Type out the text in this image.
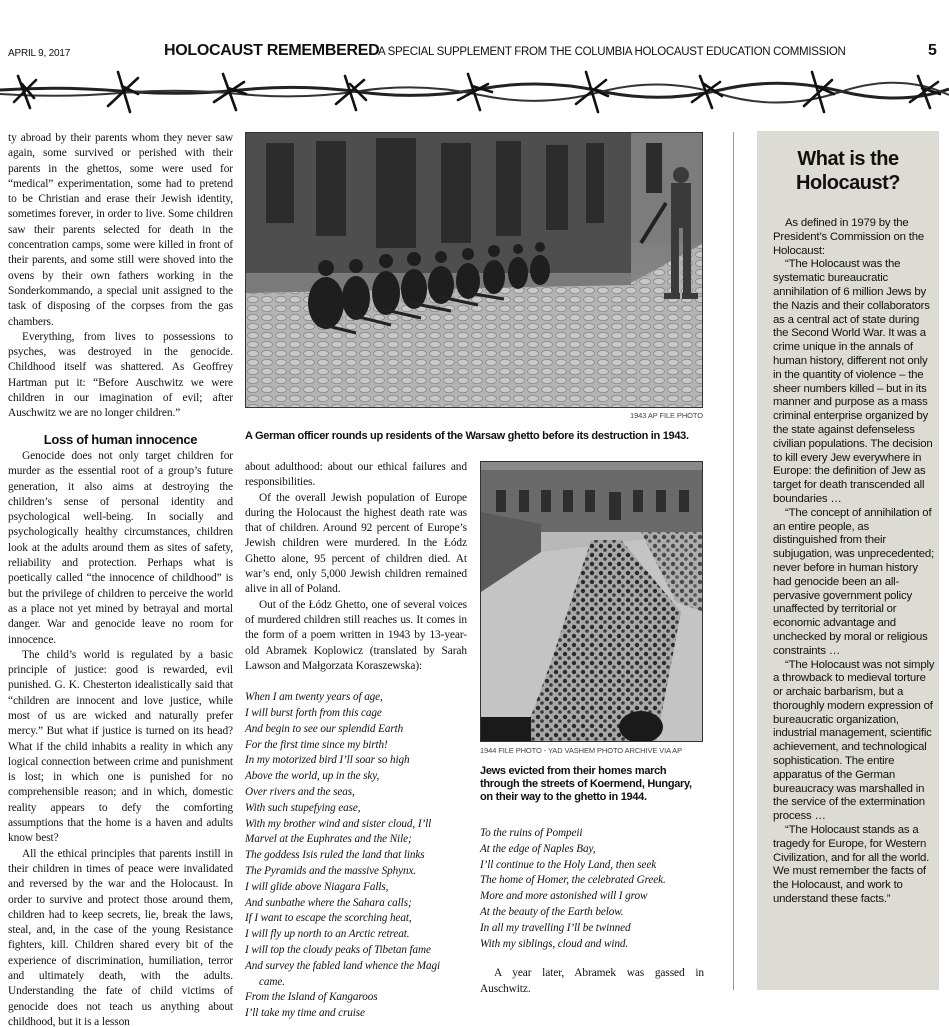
APRIL 9, 2017	HOLOCAUST REMEMBERED
A SPECIAL SUPPLEMENT FROM THE COLUMBIA HOLOCAUST EDUCATION COMMISSION	5

ty abroad by their parents whom they never saw again, some survived or perished with their parents in the ghettos, some were used for “medical” experimentation, some had to pretend to be Christian and erase their Jewish identity, sometimes forever, in order to live. Some children saw their parents selected for death in the concentration camps, some were killed in front of their parents, and some still were shoved into the ovens by their own fathers working in the Sonderkommando, a special unit assigned to the task of disposing of the corpses from the gas chambers.

Everything, from lives to possessions to psyches, was destroyed in the genocide. Childhood itself was shattered. As Geoffrey Hartman put it: “Before Auschwitz we were children in our imagination of evil; after Auschwitz we are no longer children.”

Loss of human innocence

Genocide does not only target children for murder as the essential root of a group’s future generation, it also aims at destroying the children’s sense of personal identity and psychological well-being. In socially and psychologically healthy circumstances, children look at the adults around them as sites of safety, reliability and protection. Perhaps what is poetically called “the innocence of childhood” is but the privilege of children to perceive the world as a place not yet mined by betrayal and mortal danger. War and genocide leave no room for innocence.

The child’s world is regulated by a basic principle of justice: good is rewarded, evil punished. G. K. Chesterton idealistically said that “children are innocent and love justice, while most of us are wicked and naturally prefer mercy.” But what if justice is turned on its head? What if the child inhabits a reality in which any logical connection between crime and punishment is lost; in which one is punished for no comprehensible reason; and in which, domestic reality appears to defy the comforting assumptions that the home is a haven and adults know best?

All the ethical principles that parents instill in their children in times of peace were invalidated and reversed by the war and the Holocaust. In order to survive and protect those around them, children had to keep secrets, lie, break the laws, steal, and, in the case of the young Resistance fighters, kill. Children shared every bit of the experience of discrimination, humiliation, terror and ultimately death, with the adults. Understanding the fate of child victims of genocide does not teach us anything about childhood, but it is a lesson

1943 AP FILE PHOTO
A German officer rounds up residents of the Warsaw ghetto before its destruction in 1943.

about adulthood: about our ethical failures and responsibilities.

Of the overall Jewish population of Europe during the Holocaust the highest death rate was that of children. Around 92 percent of Europe’s Jewish children were murdered. In the Łódz Ghetto alone, 95 percent of children died. At war’s end, only 5,000 Jewish children remained alive in all of Poland.

Out of the Łódz Ghetto, one of several voices of murdered children still reaches us. It comes in the form of a poem written in 1943 by 13-year-old Abramek Koplowicz (translated by Sarah Lawson and Małgorzata Koraszewska):

When I am twenty years of age,
I will burst forth from this cage
And begin to see our splendid Earth
For the first time since my birth!
In my motorized bird I’ll soar so high
Above the world, up in the sky,
Over rivers and the seas,
With such stupefying ease,
With my brother wind and sister cloud, I’ll
Marvel at the Euphrates and the Nile;
The goddess Isis ruled the land that links
The Pyramids and the massive Sphynx.
I will glide above Niagara Falls,
And sunbathe where the Sahara calls;
If I want to escape the scorching heat,
I will fly up north to an Arctic retreat.
I will top the cloudy peaks of Tibetan fame
And survey the fabled land whence the Magi
came.
From the Island of Kangaroos
I’ll take my time and cruise
1944 FILE PHOTO - YAD VASHEM PHOTO ARCHIVE VIA AP
Jews evicted from their homes march through the streets of Koermend, Hungary, on their way to the ghetto in 1944.
To the ruins of Pompeii
At the edge of Naples Bay,
I’ll continue to the Holy Land, then seek
The home of Homer, the celebrated Greek.
More and more astonished will I grow
At the beauty of the Earth below.
In all my travelling I’ll be twinned
With my siblings, cloud and wind.

A year later, Abramek was gassed in Auschwitz.

What is the Holocaust?

As defined in 1979 by the President’s Commission on the Holocaust:

“The Holocaust was the systematic bureaucratic annihilation of 6 million Jews by the Nazis and their collaborators as a central act of state during the Second World War. It was a crime unique in the annals of human history, different not only in the quantity of violence – the sheer numbers killed – but in its manner and purpose as a mass criminal enterprise organized by the state against defenseless civilian populations. The decision to kill every Jew everywhere in Europe: the definition of Jew as target for death transcended all boundaries …

“The concept of annihilation of an entire people, as distinguished from their subjugation, was unprecedented; never before in human history had genocide been an all-pervasive government policy unaffected by territorial or economic advantage and unchecked by moral or religious constraints …

“The Holocaust was not simply a throwback to medieval torture or archaic barbarism, but a thoroughly modern expression of bureaucratic organization, industrial management, scientific achievement, and technological sophistication. The entire apparatus of the German bureaucracy was marshalled in the service of the extermination process …

“The Holocaust stands as a tragedy for Europe, for Western Civilization, and for all the world. We must remember the facts of the Holocaust, and work to understand these facts.”
